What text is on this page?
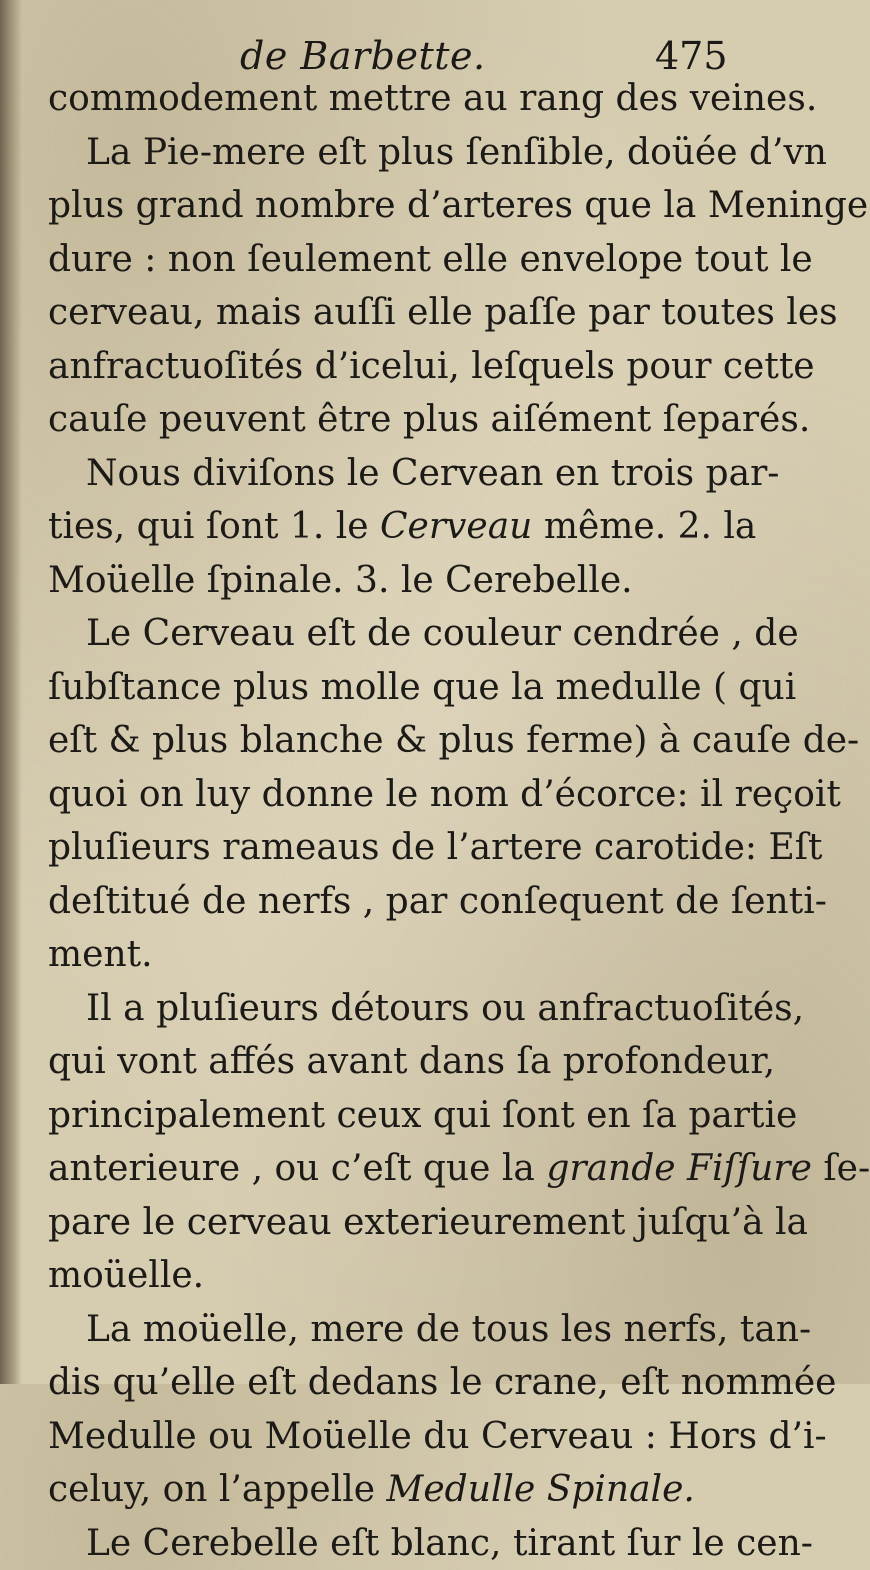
de Barbette.	475
commodement mettre au rang des veines.
La Pie-mere eſt plus ſenſible, doüée d’vn
plus grand nombre d’arteres que la Meninge
dure : non ſeulement elle envelope tout le
cerveau, mais auſſi elle paſſe par toutes les
anfractuoſités d’icelui, leſquels pour cette
cauſe peuvent être plus aiſément ſeparés.
Nous diviſons le Cervean en trois par-
ties, qui ſont 1. le Cerveau même. 2. la
Moüelle ſpinale. 3. le Cerebelle.
Le Cerveau eſt de couleur cendrée , de
ſubſtance plus molle que la medulle ( qui
eſt & plus blanche & plus ferme) à cauſe de-
quoi on luy donne le nom d’écorce: il reçoit
pluſieurs rameaus de l’artere carotide: Eſt
deſtitué de nerfs , par conſequent de ſenti-
ment.
Il a pluſieurs détours ou anfractuoſités,
qui vont affés avant dans ſa profondeur,
principalement ceux qui ſont en ſa partie
anterieure , ou c’eſt que la grande Fiſſure ſe-
pare le cerveau exterieurement juſqu’à la
moüelle.
La moüelle, mere de tous les nerfs, tan-
dis qu’elle eſt dedans le crane, eſt nommée
Medulle ou Moüelle du Cerveau : Hors d’i-
celuy, on l’appelle Medulle Spinale.
Le Cerebelle eſt blanc, tirant ſur le cen-
